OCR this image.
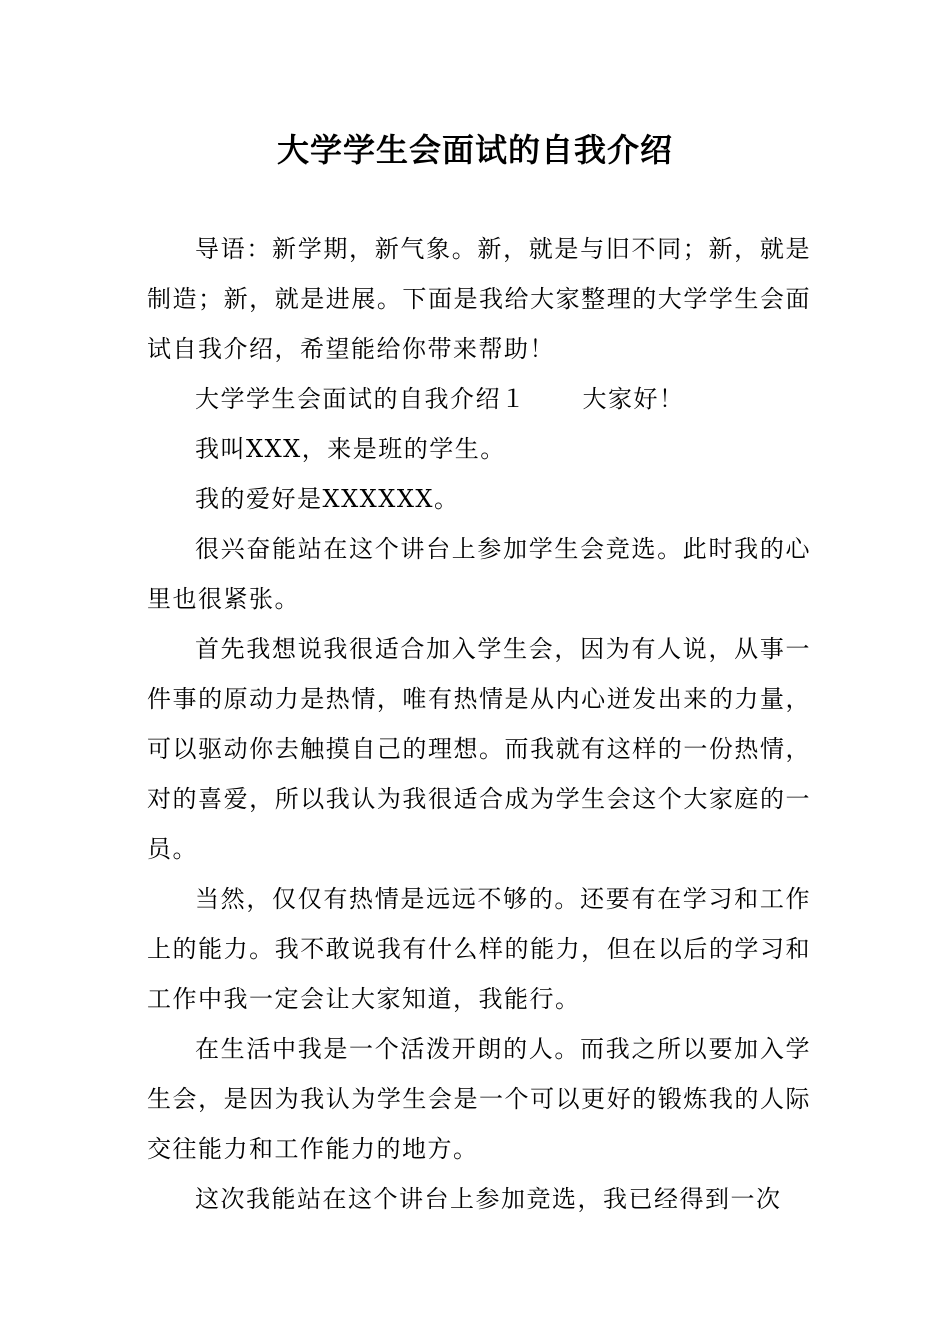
大学学生会面试的自我介绍

导语：新学期，新气象。新，就是与旧不同；新，就是制造；新，就是进展。下面是我给大家整理的大学学生会面试自我介绍，希望能给你带来帮助！

大学学生会面试的自我介绍１ 大家好！

我叫XXX，来是班的学生。

我的爱好是XXXXXX。

很兴奋能站在这个讲台上参加学生会竞选。此时我的心里也很紧张。

首先我想说我很适合加入学生会，因为有人说，从事一件事的原动力是热情，唯有热情是从内心迸发出来的力量，可以驱动你去触摸自己的理想。而我就有这样的一份热情，对的喜爱，所以我认为我很适合成为学生会这个大家庭的一员。

当然，仅仅有热情是远远不够的。还要有在学习和工作上的能力。我不敢说我有什么样的能力，但在以后的学习和工作中我一定会让大家知道，我能行。

在生活中我是一个活泼开朗的人。而我之所以要加入学生会，是因为我认为学生会是一个可以更好的锻炼我的人际交往能力和工作能力的地方。

这次我能站在这个讲台上参加竞选，我已经得到一次
